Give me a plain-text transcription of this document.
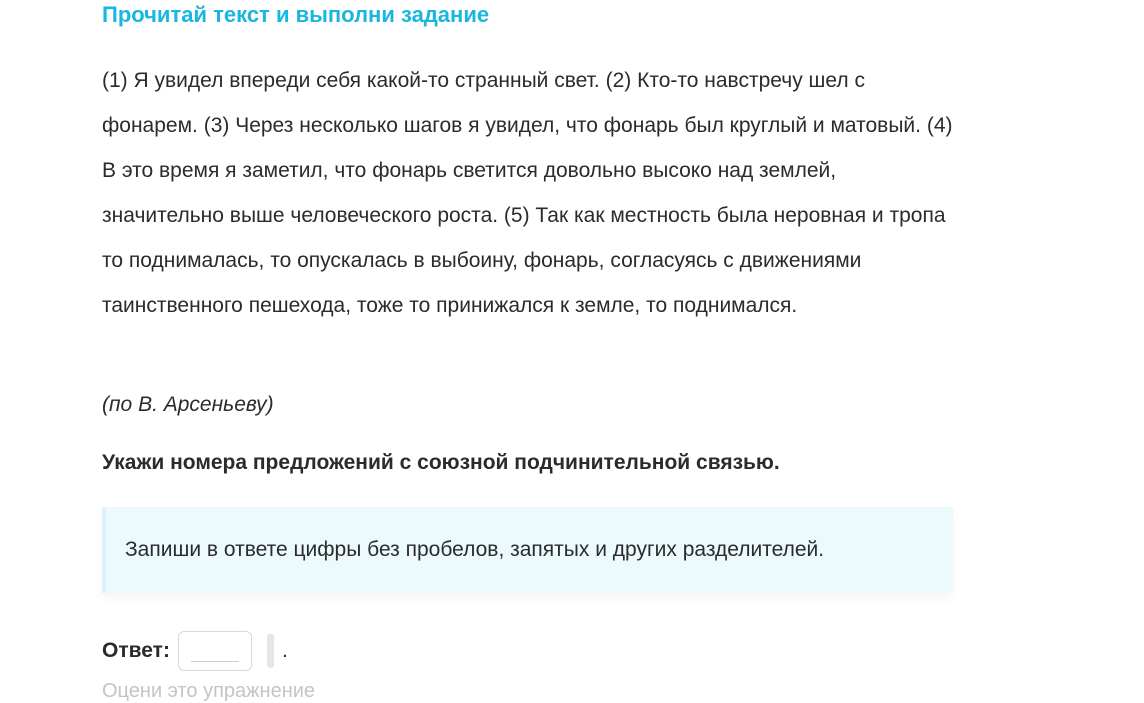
Прочитай текст и выполни задание

(1) Я увидел впереди себя какой-то странный свет. (2) Кто-то навстречу шел с фонарем. (3) Через несколько шагов я увидел, что фонарь был круглый и матовый. (4) В это время я заметил, что фонарь светится довольно высоко над землей, значительно выше человеческого роста. (5) Так как местность была неровная и тропа то поднималась, то опускалась в выбоину, фонарь, согласуясь с движениями таинственного пешехода, тоже то принижался к земле, то поднимался.

(по В. Арсеньеву)
Укажи номера предложений с союзной подчинительной связью.
Запиши в ответе цифры без пробелов, запятых и других разделителей.
Ответ:	.
Оцени это упражнение
